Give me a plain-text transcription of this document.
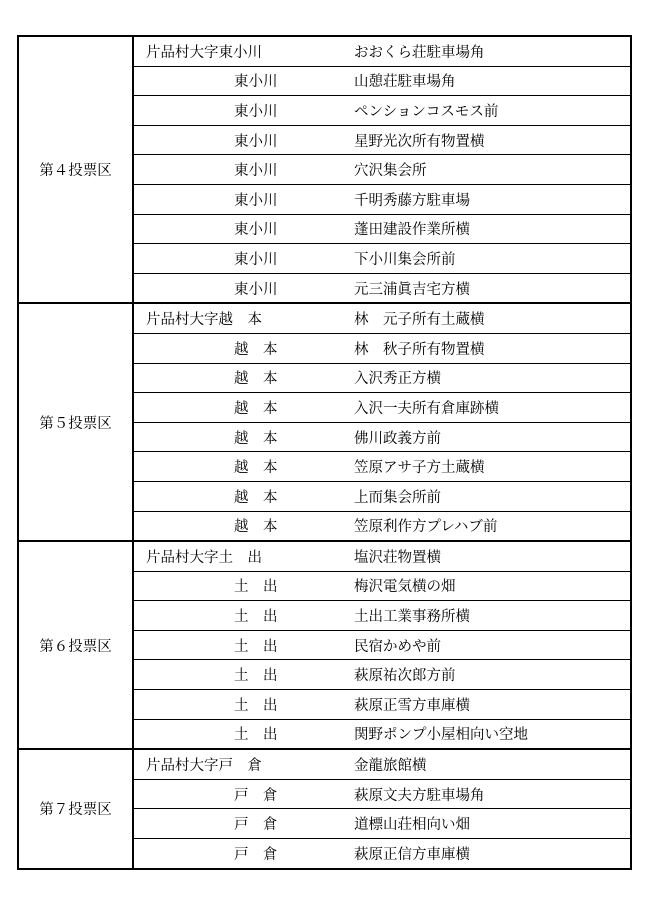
第４投票区	片品村大字東小川	おおくら荘駐車場角

	東小川	山憩荘駐車場角

	東小川	ペンションコスモス前

	東小川	星野光次所有物置横

	東小川	穴沢集会所

	東小川	千明秀藤方駐車場

	東小川	蓬田建設作業所横

	東小川	下小川集会所前

	東小川	元三浦眞吉宅方横
第５投票区	片品村大字越　本	林　元子所有土蔵横

	越　本	林　秋子所有物置横

	越　本	入沢秀正方横

	越　本	入沢一夫所有倉庫跡横

	越　本	佛川政義方前

	越　本	笠原アサ子方土蔵横

	越　本	上而集会所前

	越　本	笠原利作方プレハブ前
第６投票区	片品村大字土　出	塩沢荘物置横

	土　出	梅沢電気横の畑

	土　出	土出工業事務所横

	土　出	民宿かめや前

	土　出	萩原祐次郎方前

	土　出	萩原正雪方車庫横

	土　出	関野ポンプ小屋相向い空地
第７投票区	片品村大字戸　倉	金龍旅館横

	戸　倉	萩原文夫方駐車場角

	戸　倉	道標山荘相向い畑

	戸　倉	萩原正信方車庫横
